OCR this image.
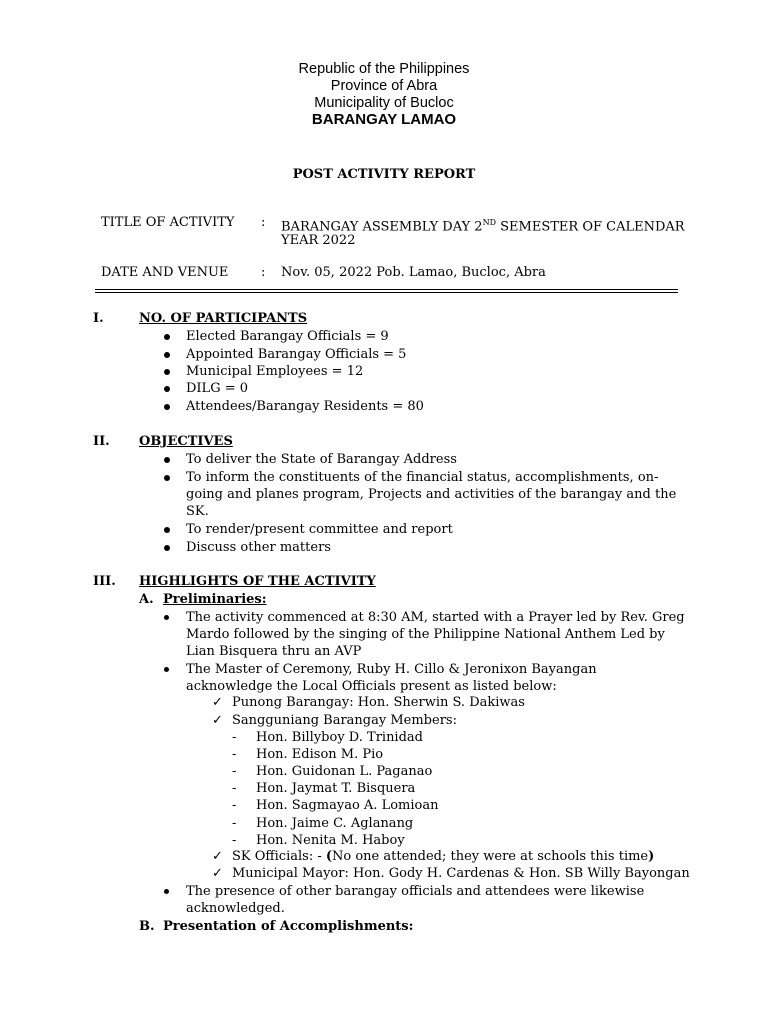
Republic of the Philippines
Province of Abra
Municipality of Bucloc
BARANGAY LAMAO
POST ACTIVITY REPORT
TITLE OF ACTIVITY : BARANGAY ASSEMBLY DAY 2ND SEMESTER OF CALENDAR
YEAR 2022
DATE AND VENUE	: Nov. 05, 2022 Pob. Lamao, Bucloc, Abra
I.	NO. OF PARTICIPANTS
Elected Barangay Officials = 9
Appointed Barangay Officials = 5
Municipal Employees = 12
DILG = 0
Attendees/Barangay Residents = 80
II. OBJECTIVES
To deliver the State of Barangay Address
To inform the constituents of the financial status, accomplishments, on-
going and planes program, Projects and activities of the barangay and the
SK.
To render/present committee and report
Discuss other matters
III. HIGHLIGHTS OF THE ACTIVITY
A. Preliminaries:
The activity commenced at 8:30 AM, started with a Prayer led by Rev. Greg
Mardo followed by the singing of the Philippine National Anthem Led by
Lian Bisquera thru an AVP
The Master of Ceremony, Ruby H. Cillo & Jeronixon Bayangan
acknowledge the Local Officials present as listed below:
✓ Punong Barangay: Hon. Sherwin S. Dakiwas
✓ Sangguniang Barangay Members:
- Hon. Billyboy D. Trinidad
- Hon. Edison M. Pio
- Hon. Guidonan L. Paganao
- Hon. Jaymat T. Bisquera
- Hon. Sagmayao A. Lomioan
- Hon. Jaime C. Aglanang
- Hon. Nenita M. Haboy
✓ SK Officials: - (No one attended; they were at schools this time)
✓ Municipal Mayor: Hon. Gody H. Cardenas & Hon. SB Willy Bayongan
The presence of other barangay officials and attendees were likewise
acknowledged.
B. Presentation of Accomplishments:
